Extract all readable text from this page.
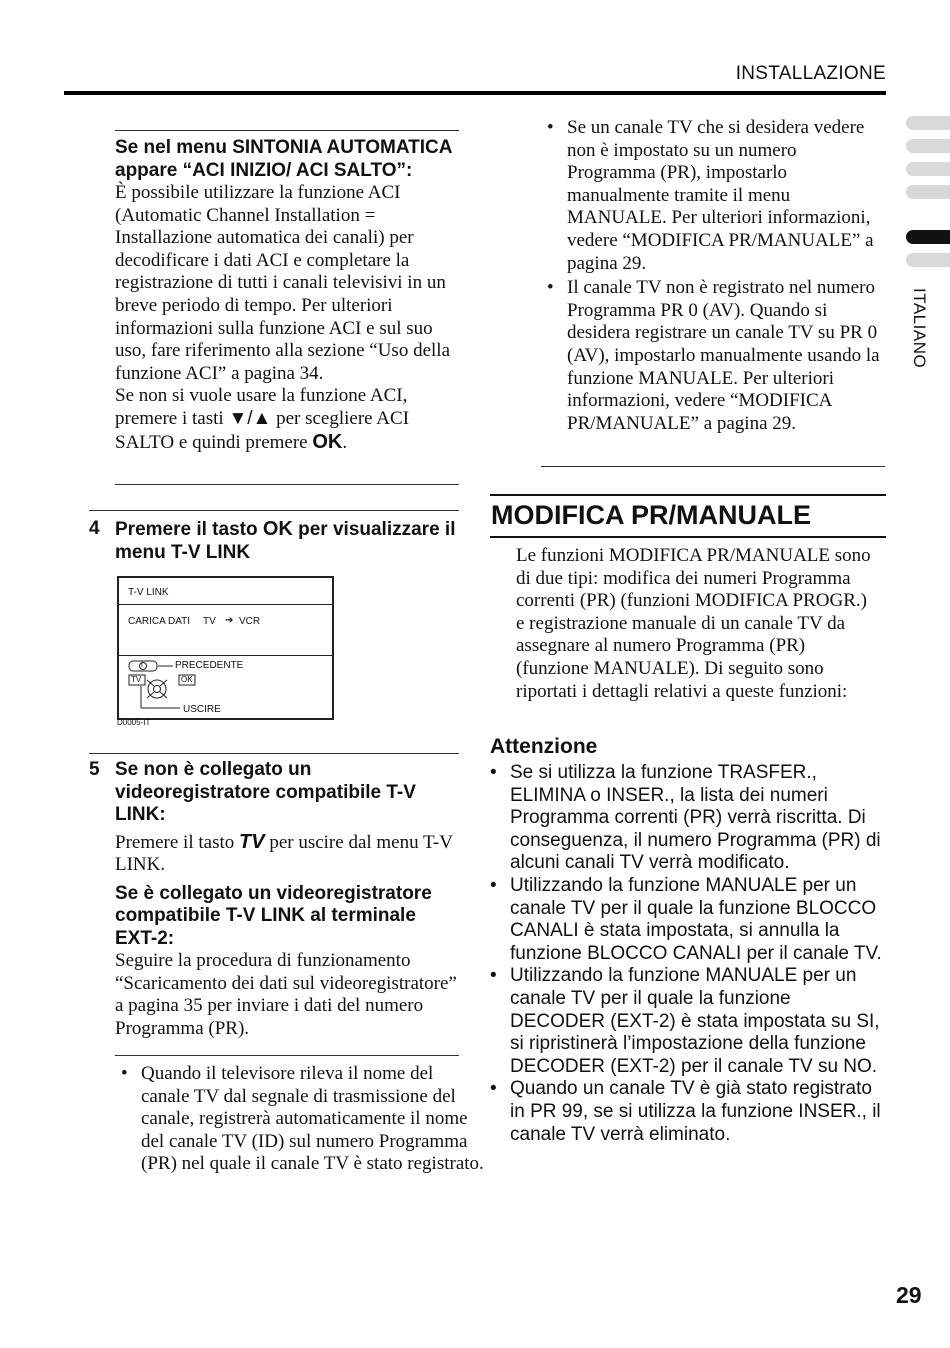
INSTALLAZIONE
ITALIANO
Se nel menu SINTONIA AUTOMATICA appare “ACI INIZIO/ ACI SALTO”:
È possibile utilizzare la funzione ACI (Automatic Channel Installation = Installazione automatica dei canali) per decodificare i dati ACI e completare la registrazione di tutti i canali televisivi in un breve periodo di tempo. Per ulteriori informazioni sulla funzione ACI e sul suo uso, fare riferimento alla sezione “Uso della funzione ACI” a pagina 34.
Se non si vuole usare la funzione ACI, premere i tasti ▼/▲ per scegliere ACI SALTO e quindi premere OK.
4 Premere il tasto OK per visualizzare il menu T-V LINK
T-V LINK
CARICA DATI TV ➔ VCR
i	PRECEDENTE
TV	OK
USCIRE
D0005-IT
5 Se non è collegato un videoregistratore compatibile T-V LINK:
Premere il tasto TV per uscire dal menu T-V LINK.
Se è collegato un videoregistratore compatibile T-V LINK al terminale EXT-2:
Seguire la procedura di funzionamento “Scaricamento dei dati sul videoregistratore” a pagina 35 per inviare i dati del numero Programma (PR).
• Quando il televisore rileva il nome del canale TV dal segnale di trasmissione del canale, registrerà automaticamente il nome del canale TV (ID) sul numero Programma (PR) nel quale il canale TV è stato registrato.
• Se un canale TV che si desidera vedere non è impostato su un numero Programma (PR), impostarlo manualmente tramite il menu MANUALE. Per ulteriori informazioni, vedere “MODIFICA PR/MANUALE” a pagina 29.
• Il canale TV non è registrato nel numero Programma PR 0 (AV). Quando si desidera registrare un canale TV su PR 0 (AV), impostarlo manualmente usando la funzione MANUALE. Per ulteriori informazioni, vedere “MODIFICA PR/MANUALE” a pagina 29.
MODIFICA PR/MANUALE
Le funzioni MODIFICA PR/MANUALE sono di due tipi: modifica dei numeri Programma correnti (PR) (funzioni MODIFICA PROGR.) e registrazione manuale di un canale TV da assegnare al numero Programma (PR) (funzione MANUALE). Di seguito sono riportati i dettagli relativi a queste funzioni:
Attenzione
• Se si utilizza la funzione TRASFER., ELIMINA o INSER., la lista dei numeri Programma correnti (PR) verrà riscritta. Di conseguenza, il numero Programma (PR) di alcuni canali TV verrà modificato.
• Utilizzando la funzione MANUALE per un canale TV per il quale la funzione BLOCCO CANALI è stata impostata, si annulla la funzione BLOCCO CANALI per il canale TV.
• Utilizzando la funzione MANUALE per un canale TV per il quale la funzione DECODER (EXT-2) è stata impostata su SI, si ripristinerà l’impostazione della funzione DECODER (EXT-2) per il canale TV su NO.
• Quando un canale TV è già stato registrato in PR 99, se si utilizza la funzione INSER., il canale TV verrà eliminato.
29
